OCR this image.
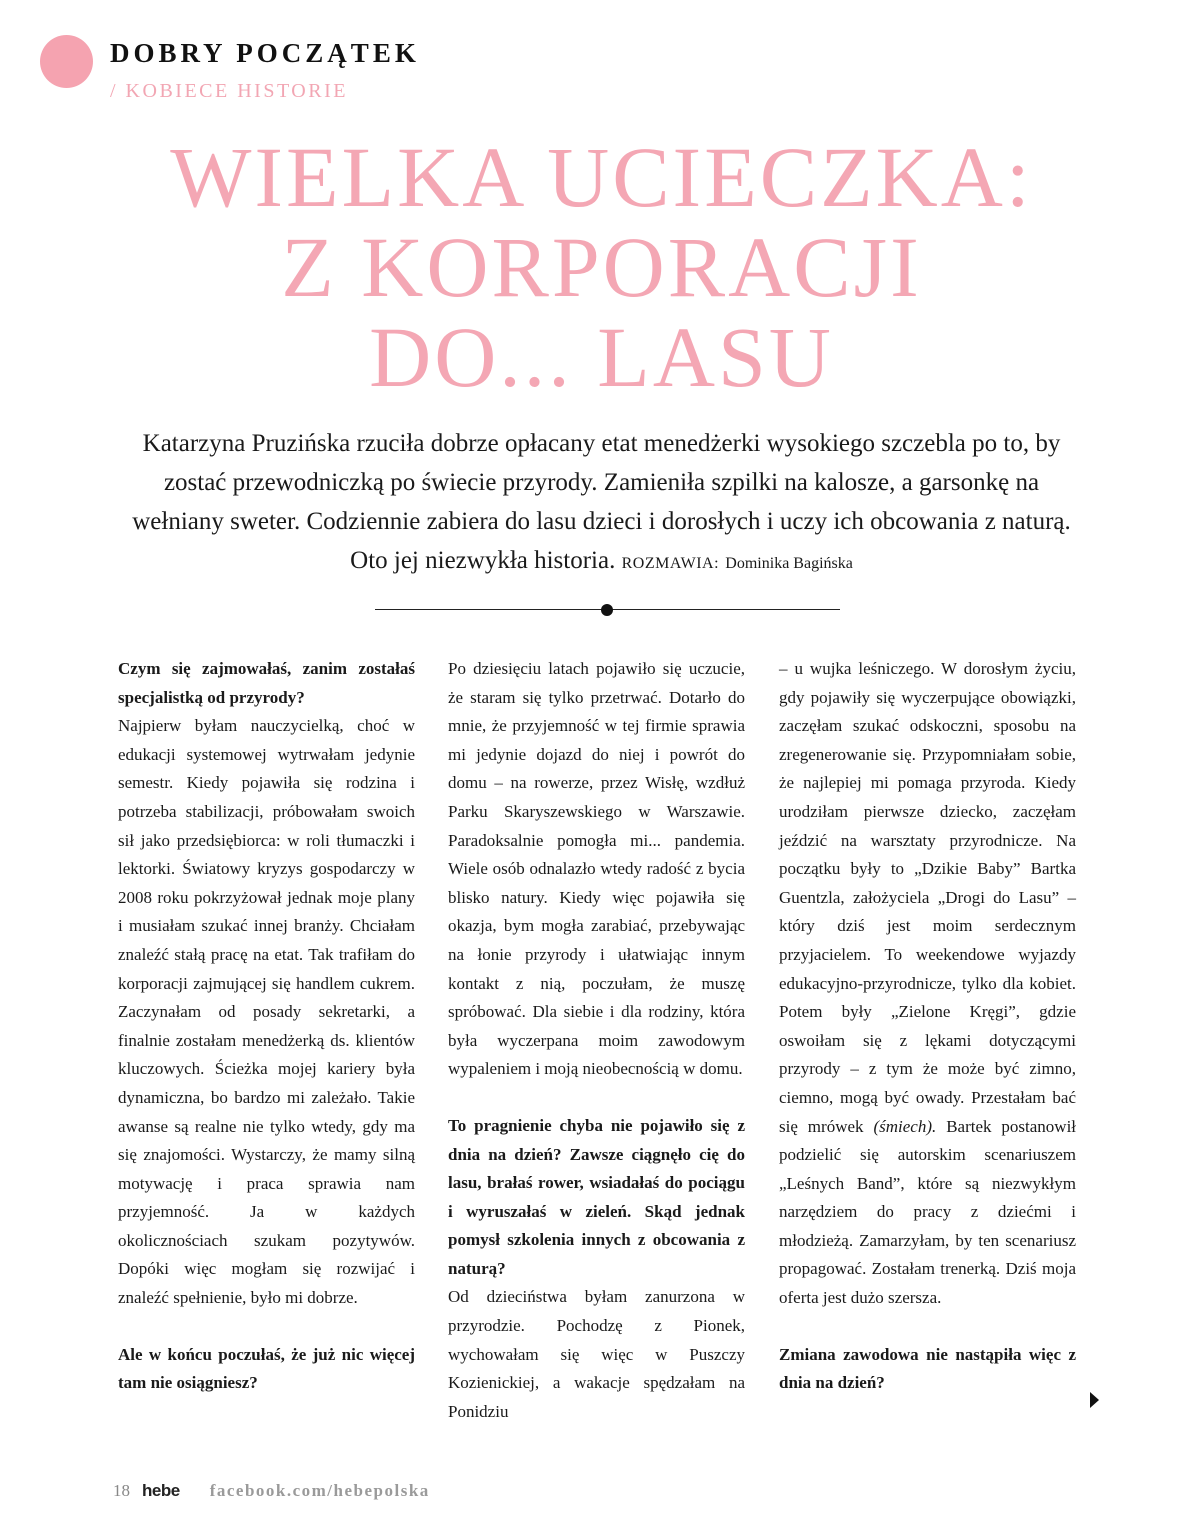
DOBRY POCZĄTEK
/ KOBIECE HISTORIE
WIELKA UCIECZKA:
Z KORPORACJI
DO... LASU
Katarzyna Pruzińska rzuciła dobrze opłacany etat menedżerki wysokiego szczebla po to, by zostać przewodniczką po świecie przyrody. Zamieniła szpilki na kalosze, a garsonkę na wełniany sweter. Codziennie zabiera do lasu dzieci i dorosłych i uczy ich obcowania z naturą. Oto jej niezwykła historia. ROZMAWIA: Dominika Bagińska

Czym się zajmowałaś, zanim zostałaś specjalistką od przyrody?

Najpierw byłam nauczycielką, choć w edukacji systemowej wytrwałam jedynie semestr. Kiedy pojawiła się rodzina i potrzeba stabilizacji, próbowałam swoich sił jako przedsiębiorca: w roli tłumaczki i lektorki. Światowy kryzys gospodarczy w 2008 roku pokrzyżował jednak moje plany i musiałam szukać innej branży. Chciałam znaleźć stałą pracę na etat. Tak trafiłam do korporacji zajmującej się handlem cukrem. Zaczynałam od posady sekretarki, a finalnie zostałam menedżerką ds. klientów kluczowych. Ścieżka mojej kariery była dynamiczna, bo bardzo mi zależało. Takie awanse są realne nie tylko wtedy, gdy ma się znajomości. Wystarczy, że mamy silną motywację i praca sprawia nam przyjemność. Ja w każdych okolicznościach szukam pozytywów. Dopóki więc mogłam się rozwijać i znaleźć spełnienie, było mi dobrze.

Ale w końcu poczułaś, że już nic więcej tam nie osiągniesz?

Po dziesięciu latach pojawiło się uczucie, że staram się tylko przetrwać. Dotarło do mnie, że przyjemność w tej firmie sprawia mi jedynie dojazd do niej i powrót do domu – na rowerze, przez Wisłę, wzdłuż Parku Skaryszewskiego w Warszawie. Paradoksalnie pomogła mi... pandemia. Wiele osób odnalazło wtedy radość z bycia blisko natury. Kiedy więc pojawiła się okazja, bym mogła zarabiać, przebywając na łonie przyrody i ułatwiając innym kontakt z nią, poczułam, że muszę spróbować. Dla siebie i dla rodziny, która była wyczerpana moim zawodowym wypaleniem i moją nieobecnością w domu.

To pragnienie chyba nie pojawiło się z dnia na dzień? Zawsze ciągnęło cię do lasu, brałaś rower, wsiadałaś do pociągu i wyruszałaś w zieleń. Skąd jednak pomysł szkolenia innych z obcowania z naturą?

Od dzieciństwa byłam zanurzona w przyrodzie. Pochodzę z Pionek, wychowałam się więc w Puszczy Kozienickiej, a wakacje spędzałam na Ponidziu

– u wujka leśniczego. W dorosłym życiu, gdy pojawiły się wyczerpujące obowiązki, zaczęłam szukać odskoczni, sposobu na zregenerowanie się. Przypomniałam sobie, że najlepiej mi pomaga przyroda. Kiedy urodziłam pierwsze dziecko, zaczęłam jeździć na warsztaty przyrodnicze. Na początku były to „Dzikie Baby” Bartka Guentzla, założyciela „Drogi do Lasu” – który dziś jest moim serdecznym przyjacielem. To weekendowe wyjazdy edukacyjno-przyrodnicze, tylko dla kobiet. Potem były „Zielone Kręgi”, gdzie oswoiłam się z lękami dotyczącymi przyrody – z tym że może być zimno, ciemno, mogą być owady. Przestałam bać się mrówek (śmiech). Bartek postanowił podzielić się autorskim scenariuszem „Leśnych Band”, które są niezwykłym narzędziem do pracy z dziećmi i młodzieżą. Zamarzyłam, by ten scenariusz propagować. Zostałam trenerką. Dziś moja oferta jest dużo szersza.

Zmiana zawodowa nie nastąpiła więc z dnia na dzień?

18 hebe facebook.com/hebepolska
